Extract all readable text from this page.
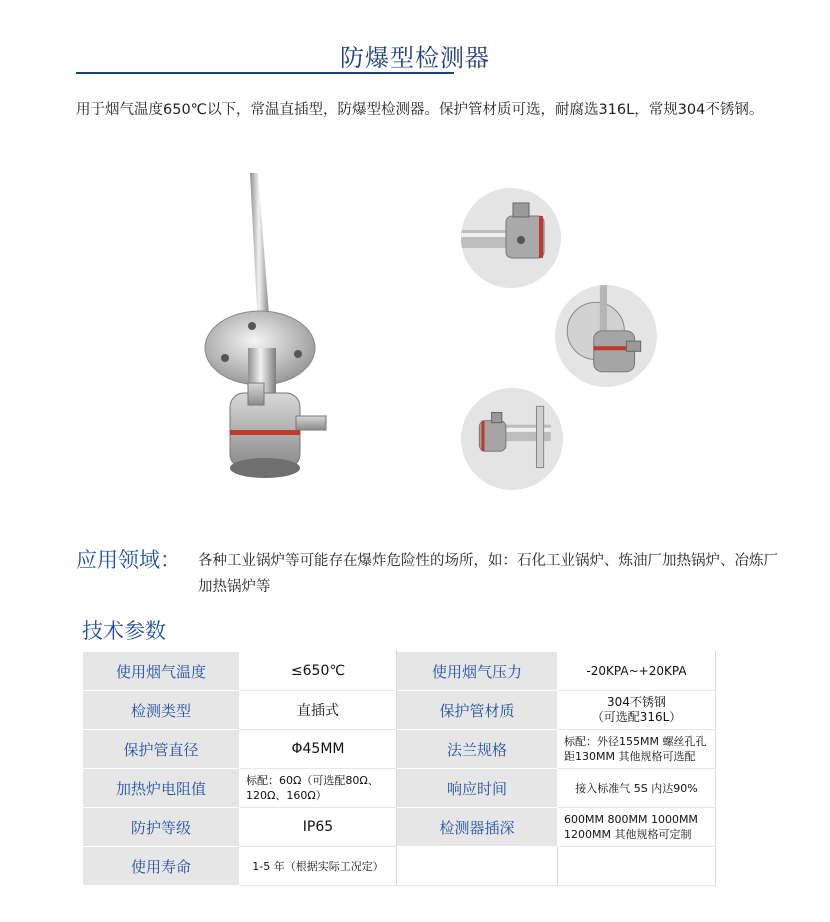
防爆型检测器
用于烟气温度650℃以下，常温直插型，防爆型检测器。保护管材质可选，耐腐选316L，常规304不锈钢。
应用领域： 各种工业锅炉等可能存在爆炸危险性的场所，如：石化工业锅炉、炼油厂加热锅炉、冶炼厂加热锅炉等
技术参数
使用烟气温度	≤650℃	使用烟气压力	-20KPA~+20KPA
检测类型	直插式	保护管材质	304不锈钢
（可选配316L）
保护管直径	Φ45MM	法兰规格	标配：外径155MM 螺丝孔孔距130MM 其他规格可选配
加热炉电阻值	标配：60Ω（可选配80Ω、120Ω、160Ω）	响应时间	接入标准气 5S 内达90%
防护等级	IP65	检测器插深	600MM 800MM 1000MM 1200MM 其他规格可定制
使用寿命	1-5 年（根据实际工况定）		
